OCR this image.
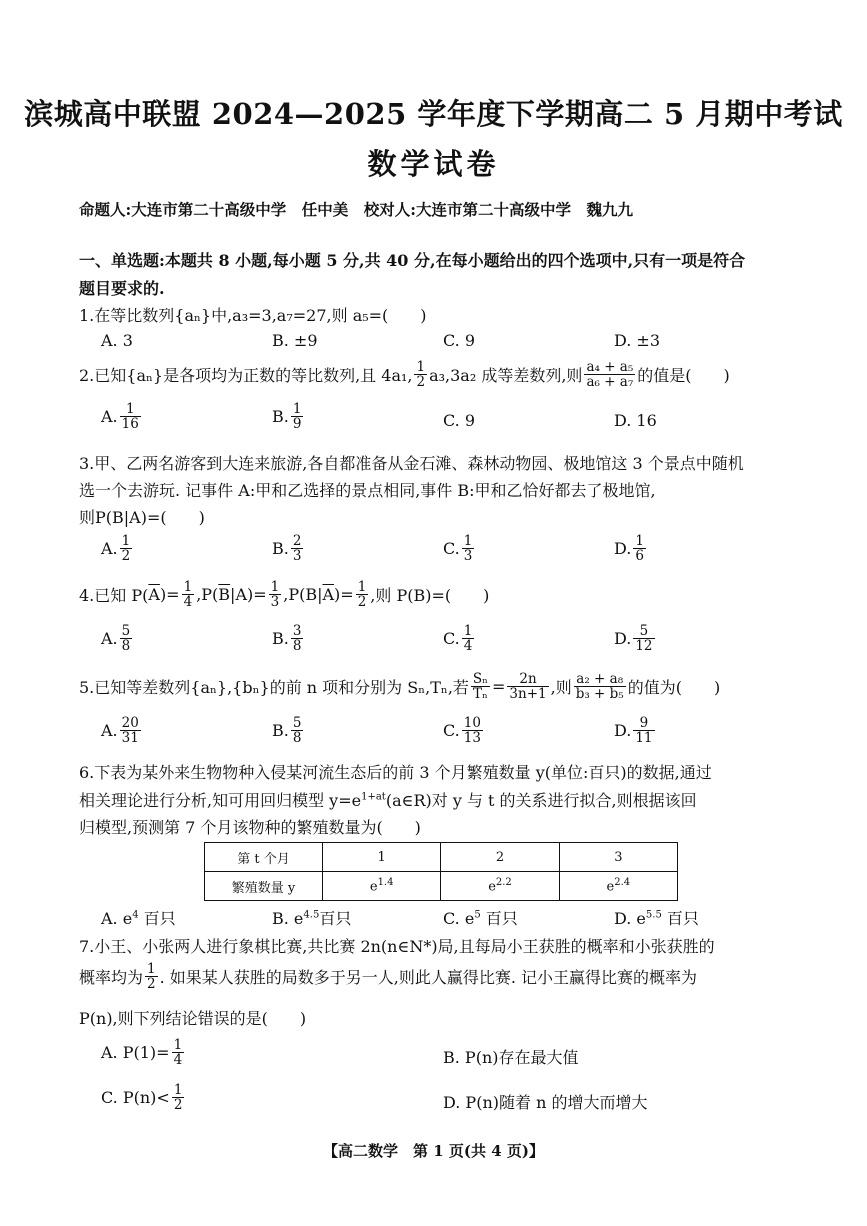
滨城高中联盟 2024—2025 学年度下学期高二 5 月期中考试
数学试卷
命题人:大连市第二十高级中学　任中美　校对人:大连市第二十高级中学　魏九九
一、单选题:本题共 8 小题,每小题 5 分,共 40 分,在每小题给出的四个选项中,只有一项是符合
题目要求的.
1.在等比数列{aₙ}中,a₃=3,a₇=27,则 a₅=(　　)
A. 3	B. ±9	C. 9	D. ±3
2.已知{aₙ}是各项均为正数的等比数列,且 4a₁, $\frac{1}{2} a_3,3a_2$ 成等差数列,则 $\frac{\text{a₄ + a₅}}{\text{a₆ + a₇}}$ 的值是(　　)
A. $\frac{1}{16}$	B. $\frac{1}{9}$	C. 9	D. 16
3.甲、乙两名游客到大连来旅游,各自都准备从金石滩、森林动物园、极地馆这 3 个景点中随机
选一个去游玩. 记事件 A:甲和乙选择的景点相同,事件 B:甲和乙恰好都去了极地馆,
则P(B|A)=(　　)
A. $\frac{1}{2}$	B. $\frac{2}{3}$	C. $\frac{1}{3}$	D. $\frac{1}{6}$
4.已知 P( $\overline{A}$ )= $\frac{1}{4} ,P$( $\overline{B}$ $|A)= \frac{1}{3} ,P(B|$ $\overline{A}$ )= $\frac{1}{2}$ ,则 P(B)=(　　)
A. $\frac{5}{8}$	B. $\frac{3}{8}$	C. $\frac{1}{4}$	D. $\frac{5}{12}$
5.已知等差数列{aₙ},{bₙ}的前 n 项和分别为 Sₙ,Tₙ,若 $\frac{\text{Sₙ}}{\text{Tₙ}} = \frac{2n}{3n+1}$ ,则 $\frac{\text{a₂ + a₈}}{\text{b₃ + b₅}}$ 的值为(　　)
A. $\frac{20}{31}$	B. $\frac{5}{8}$	C. $\frac{10}{13}$	D. $\frac{9}{11}$
6.下表为某外来生物物种入侵某河流生态后的前 3 个月繁殖数量 y(单位:百只)的数据,通过
相关理论进行分析,知可用回归模型 $y=e^{1+at}(a\in R)$对 y 与 t 的关系进行拟合,则根据该回
归模型,预测第 7 个月该物种的繁殖数量为(　　)
第 t 个月	1	2	3
繁殖数量 y	$e^{1.4}$	$e^{2.2}$	$e^{2.4}$
A. $e^4$ 百只	B. $e^{4.5}$百只	C. $e^5$ 百只	D. $e^{5.5}$ 百只
7.小王、小张两人进行象棋比赛,共比赛 2n(n∈N*)局,且每局小王获胜的概率和小张获胜的
概率均为 $\frac{1}{2}$ . 如果某人获胜的局数多于另一人,则此人赢得比赛. 记小王赢得比赛的概率为
P(n),则下列结论错误的是(　　)
A. $P(1)= \frac{1}{4}$	B. P(n)存在最大值
C. $P(n)< \frac{1}{2}$	D. P(n)随着 n 的增大而增大
【高二数学　第 1 页(共 4 页)】
